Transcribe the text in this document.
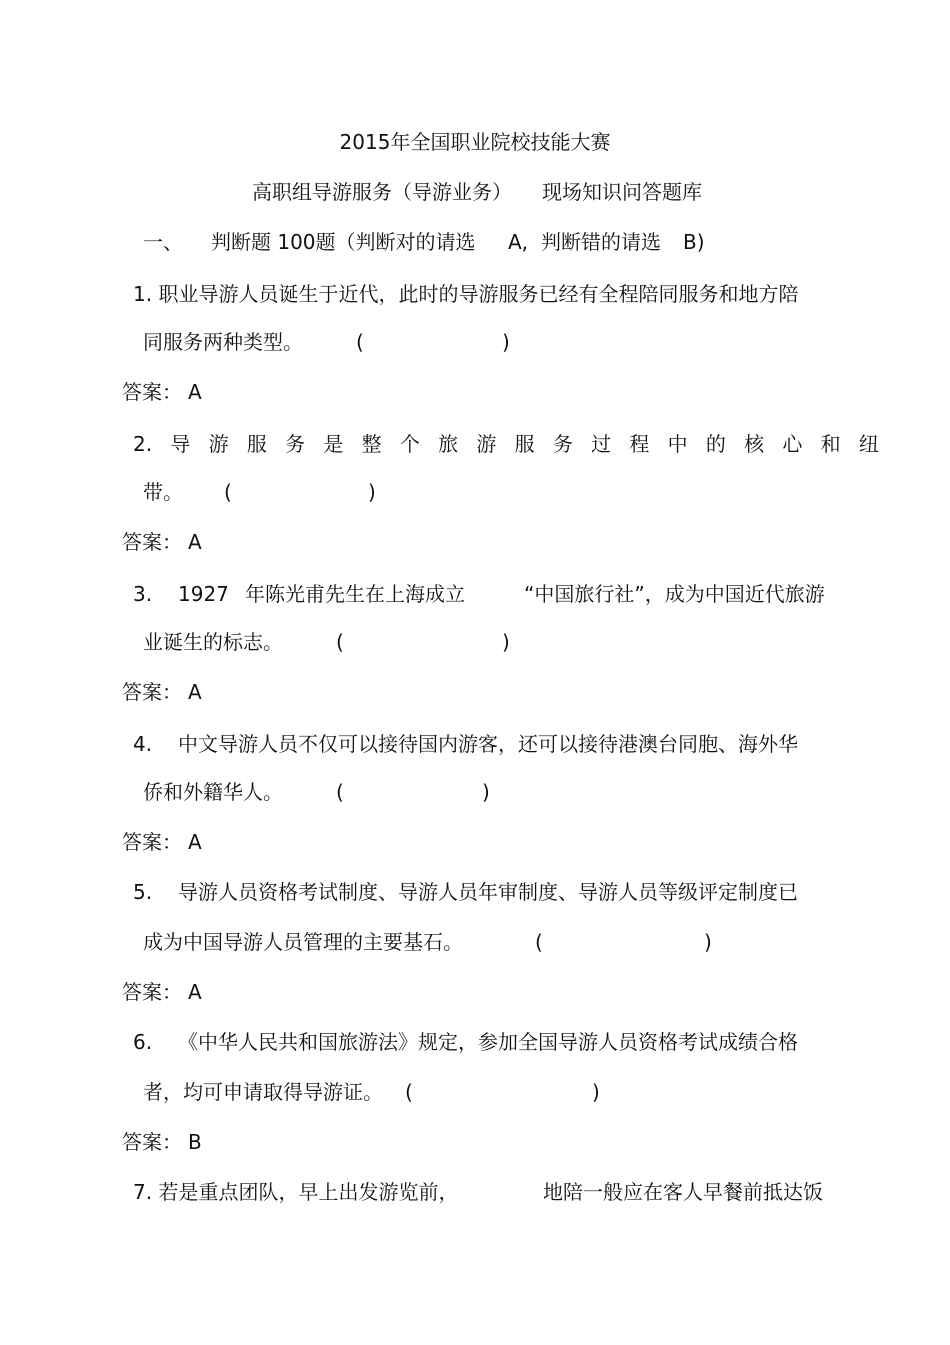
2015年全国职业院校技能大赛
高职组导游服务（导游业务） 现场知识问答题库
一、 判断题 100题（判断对的请选 A, 判断错的请选 B)
1. 职业导游人员诞生于近代，此时的导游服务已经有全程陪同服务和地方陪
同服务两种类型。	(	)
答案： A
2. 导 游 服 务 是 整 个 旅 游 服 务 过 程 中 的 核 心 和 纽
带。 (	)
答案： A
3. 1927 年陈光甫先生在上海成立	“中国旅行社”，成为中国近代旅游
业诞生的标志。	(	)
答案： A
4. 中文导游人员不仅可以接待国内游客，还可以接待港澳台同胞、海外华
侨和外籍华人。	(	)
答案： A
5. 导游人员资格考试制度、导游人员年审制度、导游人员等级评定制度已
成为中国导游人员管理的主要基石。	(	)
答案： A
6. 《中华人民共和国旅游法》规定，参加全国导游人员资格考试成绩合格
者，均可申请取得导游证。 (	)
答案： B
7. 若是重点团队，早上出发游览前，	地陪一般应在客人早餐前抵达饭
